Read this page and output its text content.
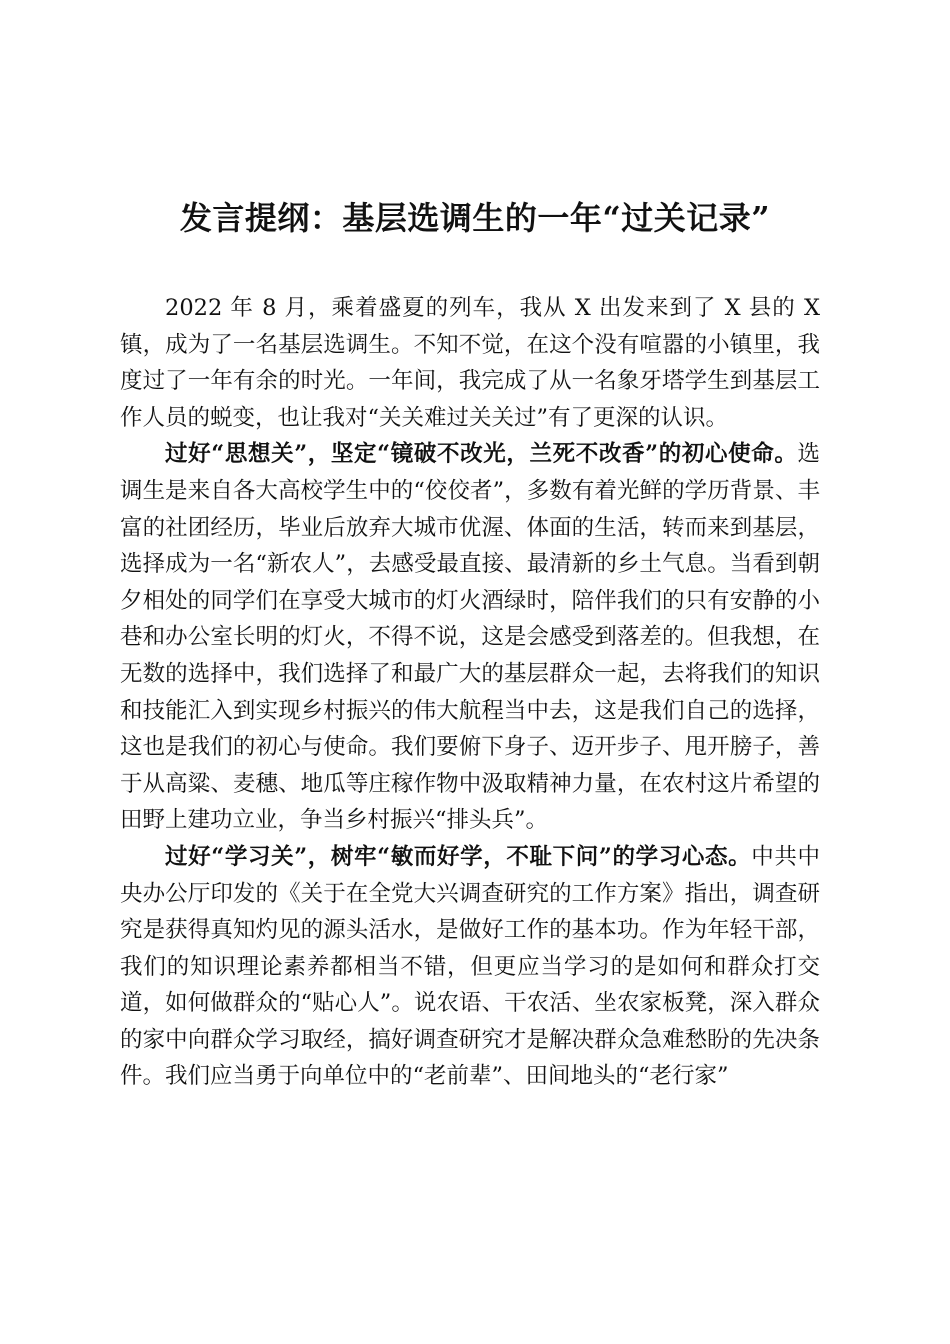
发言提纲：基层选调生的一年“过关记录”

2022 年 8 月，乘着盛夏的列车，我从 X 出发来到了 X 县的 X 镇，成为了一名基层选调生。不知不觉，在这个没有喧嚣的小镇里，我度过了一年有余的时光。一年间，我完成了从一名象牙塔学生到基层工作人员的蜕变，也让我对“关关难过关关过”有了更深的认识。

过好“思想关”，坚定“镜破不改光，兰死不改香”的初心使命。选调生是来自各大高校学生中的“佼佼者”，多数有着光鲜的学历背景、丰富的社团经历，毕业后放弃大城市优渥、体面的生活，转而来到基层，选择成为一名“新农人”，去感受最直接、最清新的乡土气息。当看到朝夕相处的同学们在享受大城市的灯火酒绿时，陪伴我们的只有安静的小巷和办公室长明的灯火，不得不说，这是会感受到落差的。但我想，在无数的选择中，我们选择了和最广大的基层群众一起，去将我们的知识和技能汇入到实现乡村振兴的伟大航程当中去，这是我们自己的选择，这也是我们的初心与使命。我们要俯下身子、迈开步子、甩开膀子，善于从高粱、麦穗、地瓜等庄稼作物中汲取精神力量，在农村这片希望的田野上建功立业，争当乡村振兴“排头兵”。

过好“学习关”，树牢“敏而好学，不耻下问”的学习心态。中共中央办公厅印发的《关于在全党大兴调查研究的工作方案》指出，调查研究是获得真知灼见的源头活水，是做好工作的基本功。作为年轻干部，我们的知识理论素养都相当不错，但更应当学习的是如何和群众打交道，如何做群众的“贴心人”。说农语、干农活、坐农家板凳，深入群众的家中向群众学习取经，搞好调查研究才是解决群众急难愁盼的先决条件。我们应当勇于向单位中的“老前辈”、田间地头的“老行家”
